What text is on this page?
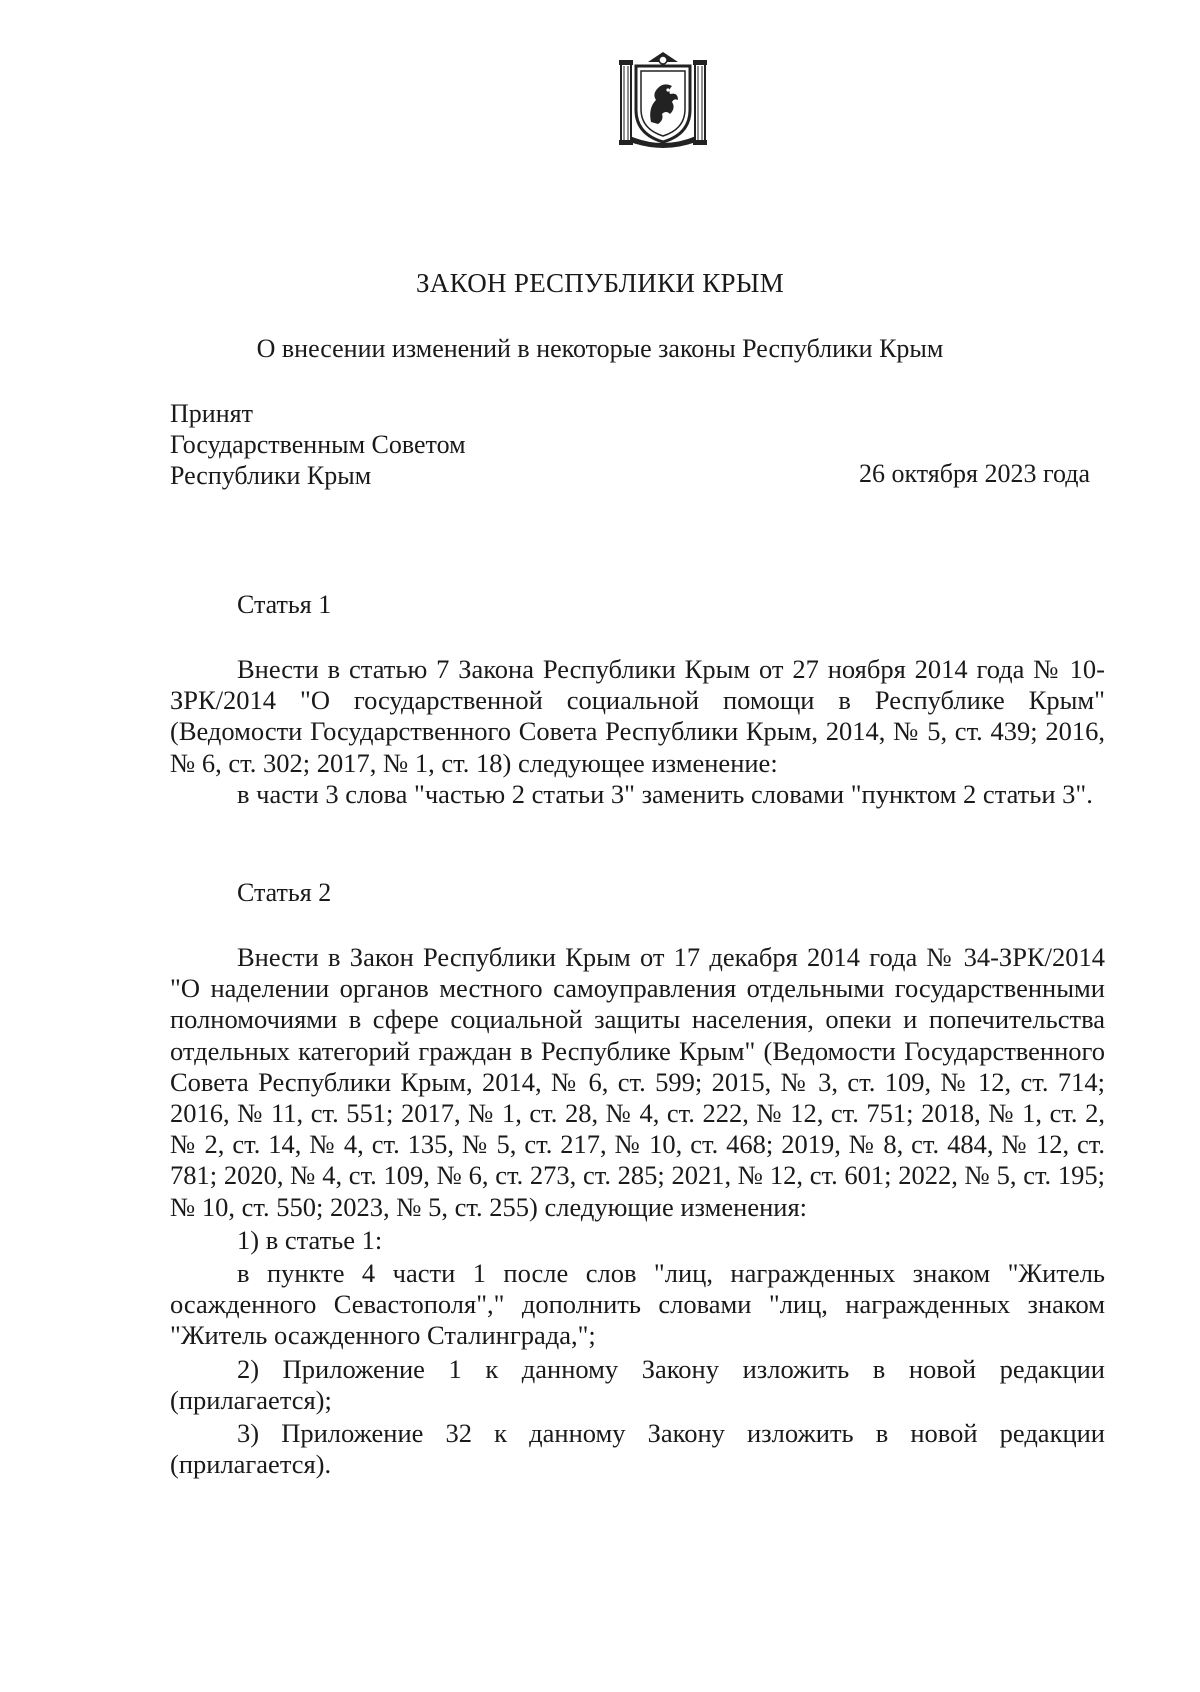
ЗАКОН РЕСПУБЛИКИ КРЫМ
О внесении изменений в некоторые законы Республики Крым
Принят
Государственным Советом
Республики Крым	26 октября 2023 года
Статья 1

Внести в статью 7 Закона Республики Крым от 27 ноября 2014 года № 10-ЗРК/2014 "О государственной социальной помощи в Республике Крым" (Ведомости Государственного Совета Республики Крым, 2014, № 5, ст. 439; 2016, № 6, ст. 302; 2017, № 1, ст. 18) следующее изменение:

в части 3 слова "частью 2 статьи 3" заменить словами "пунктом 2 статьи 3".

Статья 2

Внести в Закон Республики Крым от 17 декабря 2014 года № 34-ЗРК/2014 "О наделении органов местного самоуправления отдельными государственными полномочиями в сфере социальной защиты населения, опеки и попечительства отдельных категорий граждан в Республике Крым" (Ведомости Государственного Совета Республики Крым, 2014, № 6, ст. 599; 2015, № 3, ст. 109, № 12, ст. 714; 2016, № 11, ст. 551; 2017, № 1, ст. 28, № 4, ст. 222, № 12, ст. 751; 2018, № 1, ст. 2, № 2, ст. 14, № 4, ст. 135, № 5, ст. 217, № 10, ст. 468; 2019, № 8, ст. 484, № 12, ст. 781; 2020, № 4, ст. 109, № 6, ст. 273, ст. 285; 2021, № 12, ст. 601; 2022, № 5, ст. 195; № 10, ст. 550; 2023, № 5, ст. 255) следующие изменения:

1) в статье 1:

в пункте 4 части 1 после слов "лиц, награжденных знаком "Житель осажденного Севастополя"," дополнить словами "лиц, награжденных знаком "Житель осажденного Сталинграда,";

2) Приложение 1 к данному Закону изложить в новой редакции (прилагается);

3) Приложение 32 к данному Закону изложить в новой редакции (прилагается).
